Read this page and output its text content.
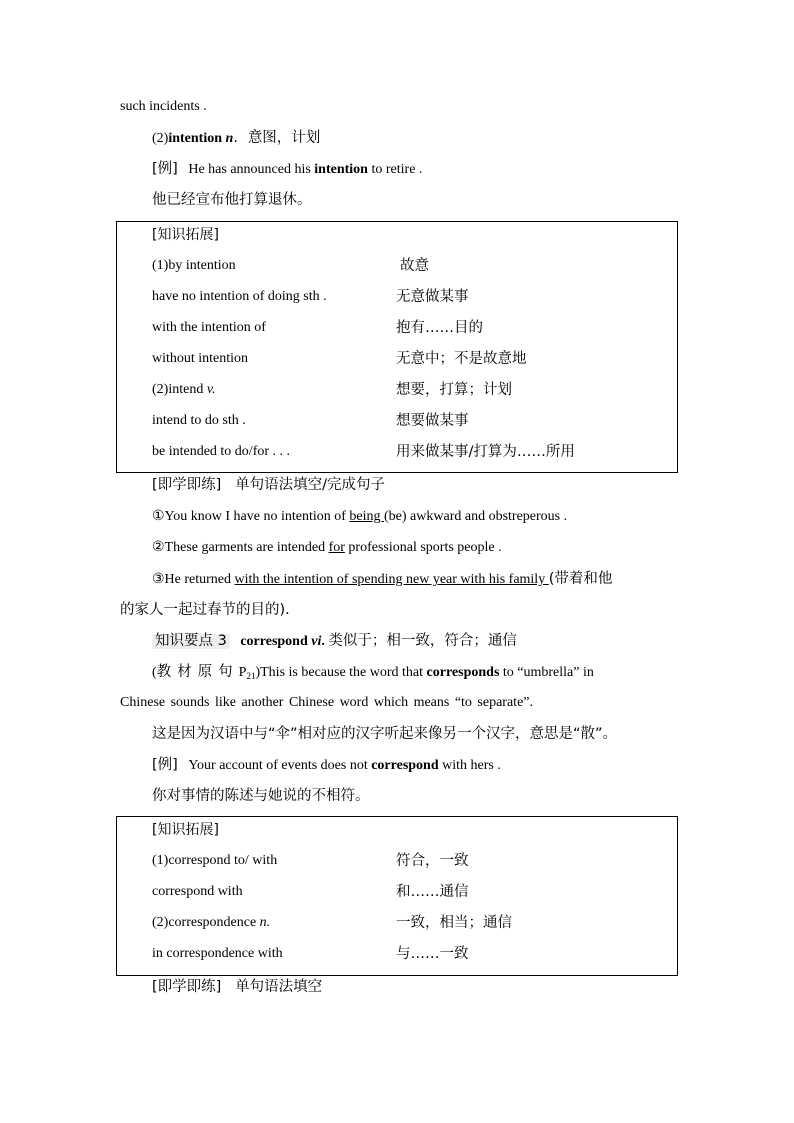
such incidents .
(2)intention n．意图，计划
[例] He has announced his intention to retire .
他已经宣布他打算退休。
[知识拓展]
(1)by intention	故意
have no intention of doing sth .	无意做某事
with the intention of	抱有……目的
without intention	无意中；不是故意地
(2)intend v.	想要，打算；计划
intend to do sth .	想要做某事
be intended to do/for . . .	用来做某事/打算为……所用
[即学即练] 单句语法填空/完成句子
①You know I have no intention of being (be) awkward and obstreperous .
②These garments are intended for professional sports people .
③He returned with the intention of spending new year with his family (带着和他
的家人一起过春节的目的).
知识要点 3 correspond vi. 类似于；相一致，符合；通信
(教材原句$P_{21})This$ is because the word that corresponds to “umbrella” in
Chinese sounds like another Chinese word which means “to separate”.
这是因为汉语中与“伞”相对应的汉字听起来像另一个汉字，意思是“散”。
[例] Your account of events does not correspond with hers .
你对事情的陈述与她说的不相符。
[知识拓展]
(1)correspond to/ with	符合，一致
correspond with	和……通信
(2)correspondence n.	一致，相当；通信
in correspondence with	与……一致
[即学即练] 单句语法填空
